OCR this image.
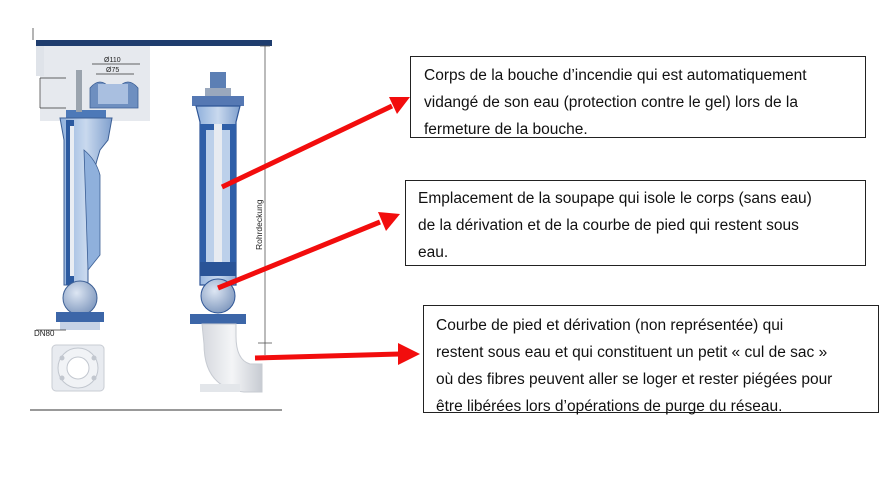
Ø110
Ø75
DN80
Rohrdeckung
Corps de la bouche d’incendie qui est automatiquement
vidangé de son eau (protection contre le gel) lors de la
fermeture de la bouche.
Emplacement de la soupape qui isole le corps (sans eau)
de la dérivation et de la courbe de pied qui restent sous
eau.
Courbe de pied et dérivation (non représentée) qui
restent sous eau et qui constituent un petit « cul de sac »
où des fibres peuvent aller se loger et rester piégées pour
être libérées lors d’opérations de purge du réseau.
